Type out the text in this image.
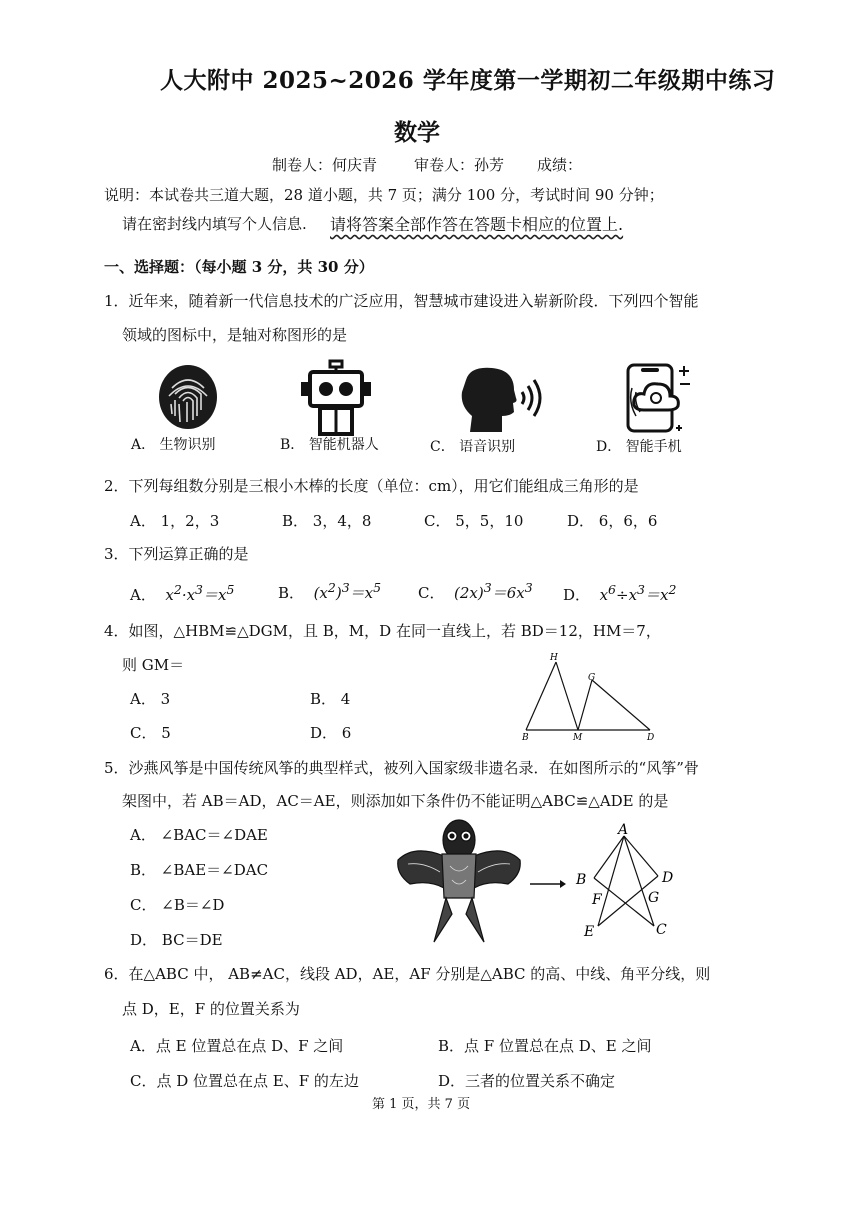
人大附中 2025~2026 学年度第一学期初二年级期中练习
数学
制卷人：何庆青 审卷人：孙芳 成绩：
说明：本试卷共三道大题，28 道小题，共 7 页；满分 100 分，考试时间 90 分钟；
请在密封线内填写个人信息. 请将答案全部作答在答题卡相应的位置上.
一、选择题：（每小题 3 分，共 30 分）
1．近年来，随着新一代信息技术的广泛应用，智慧城市建设进入崭新阶段．下列四个智能
领域的图标中，是轴对称图形的是
A． 生物识别	B． 智能机器人	C． 语音识别	D． 智能手机
2．下列每组数分别是三根小木棒的长度（单位：cm），用它们能组成三角形的是
A． 1，2，3	B． 3，4，8	C． 5，5，10	D． 6，6，6
3．下列运算正确的是
A．  $x^2\cdot x^3=x^5$	B．  $(x^2)^3=x^5$ C．  $(2x)^3=6x^3$ D．  $x^6\div x^3=x^2$
4．如图，△HBM≌△DGM，且 B，M，D 在同一直线上，若 BD＝12，HM＝7，
则 GM＝
A． 3	B． 4
C． 5	D． 6
H
G
B	M	D
5．沙燕风筝是中国传统风筝的典型样式，被列入国家级非遗名录．在如图所示的“风筝”骨
架图中，若 AB＝AD，AC＝AE，则添加如下条件仍不能证明△ABC≌△ADE 的是
A． ∠BAC＝∠DAE
B． ∠BAE＝∠DAC
C． ∠B＝∠D
D． BC＝DE
A
B	D
F	G
E	C
6．在△ABC 中， AB≠AC，线段 AD，AE，AF 分别是△ABC 的高、中线、角平分线，则
点 D，E，F 的位置关系为
A．点 E 位置总在点 D、F 之间	B．点 F 位置总在点 D、E 之间
C．点 D 位置总在点 E、F 的左边	D．三者的位置关系不确定
第 1 页，共 7 页
